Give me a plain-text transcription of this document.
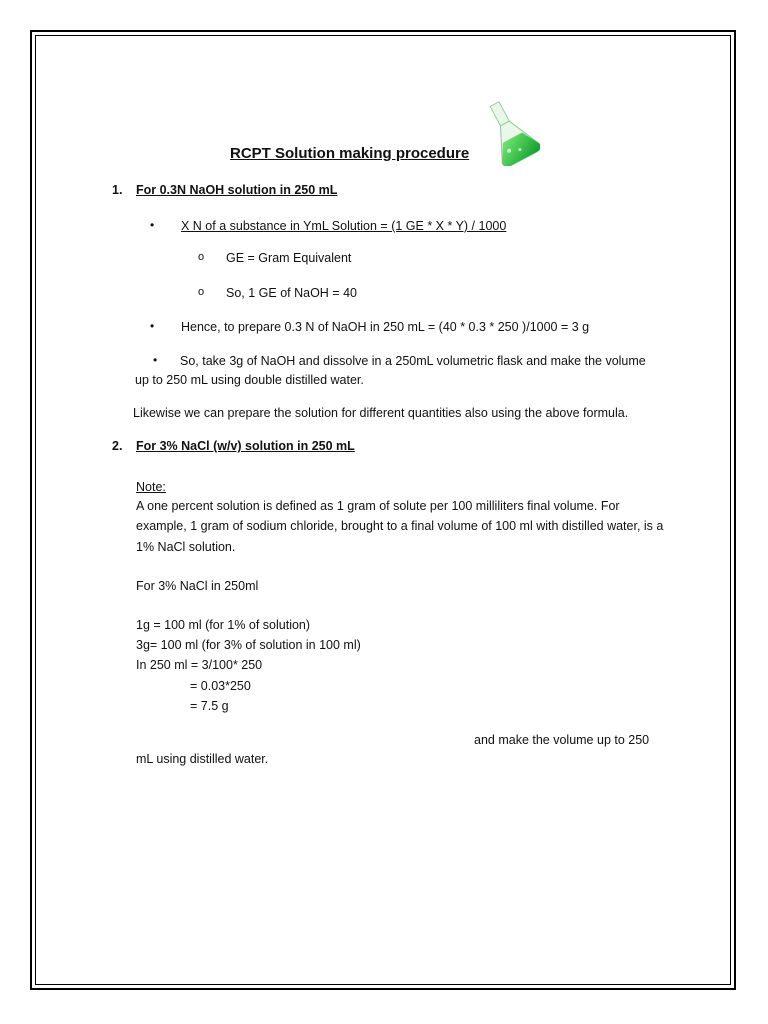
RCPT Solution making procedure
1. For 0.3N NaOH solution in 250 mL
• X N of a substance in YmL Solution = (1 GE * X * Y) / 1000
o GE = Gram Equivalent
o So, 1 GE of NaOH = 40
• Hence, to prepare 0.3 N of NaOH in 250 mL = (40 * 0.3 * 250 )/1000 = 3 g
• So, take 3g of NaOH and dissolve in a 250mL volumetric flask and make the volume
up to 250 mL using double distilled water.
Likewise we can prepare the solution for different quantities also using the above formula.
2. For 3% NaCl (w/v) solution in 250 mL
Note:
A one percent solution is defined as 1 gram of solute per 100 milliliters final volume. For
example, 1 gram of sodium chloride, brought to a final volume of 100 ml with distilled water, is a
1% NaCl solution.
For 3% NaCl in 250ml
1g = 100 ml (for 1% of solution)
3g= 100 ml (for 3% of solution in 100 ml)
In 250 ml = 3/100* 250
= 0.03*250
= 7.5 g
and make the volume up to 250
mL using distilled water.
